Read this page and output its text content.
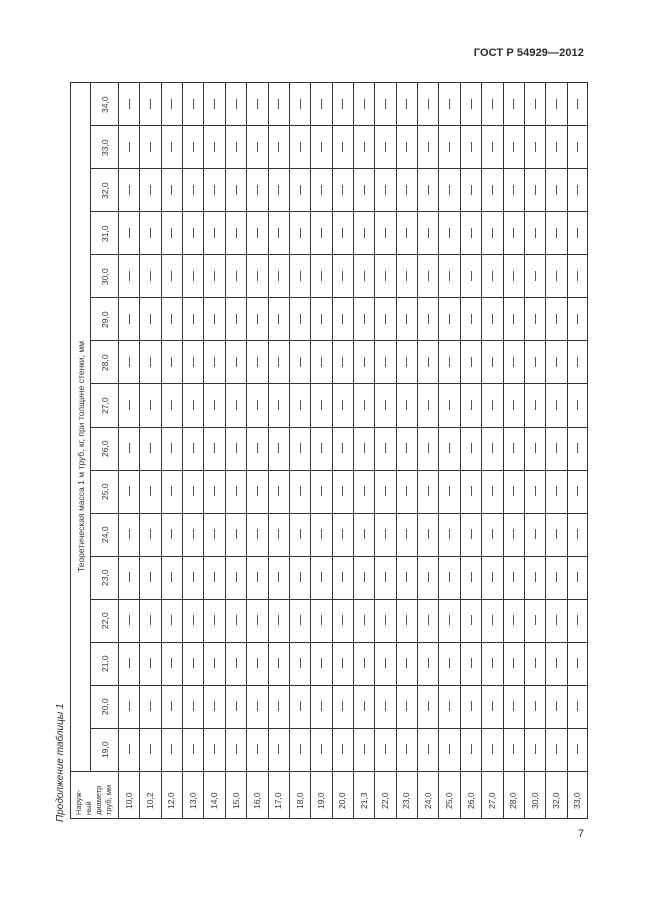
ГОСТ Р 54929—2012
Продолжение таблицы 1
Теоретическая масса 1 м труб, кг, при толщине стенки, мм
19,0
20,0
21,0
22,0
23,0
24,0
25,0
26,0
27,0
28,0
29,0
30,0
31,0
32,0
33,0
34,0
Наруж- ный диаметр труб, мм 10,0 10,2 12,0 13,0 14,0 15,0 16,0 17,0 18,0 19,0 20,0 21,3 22,0 23,0 24,0 25,0 26,0 27,0 28,0 30,0 32,0 33,0
7
